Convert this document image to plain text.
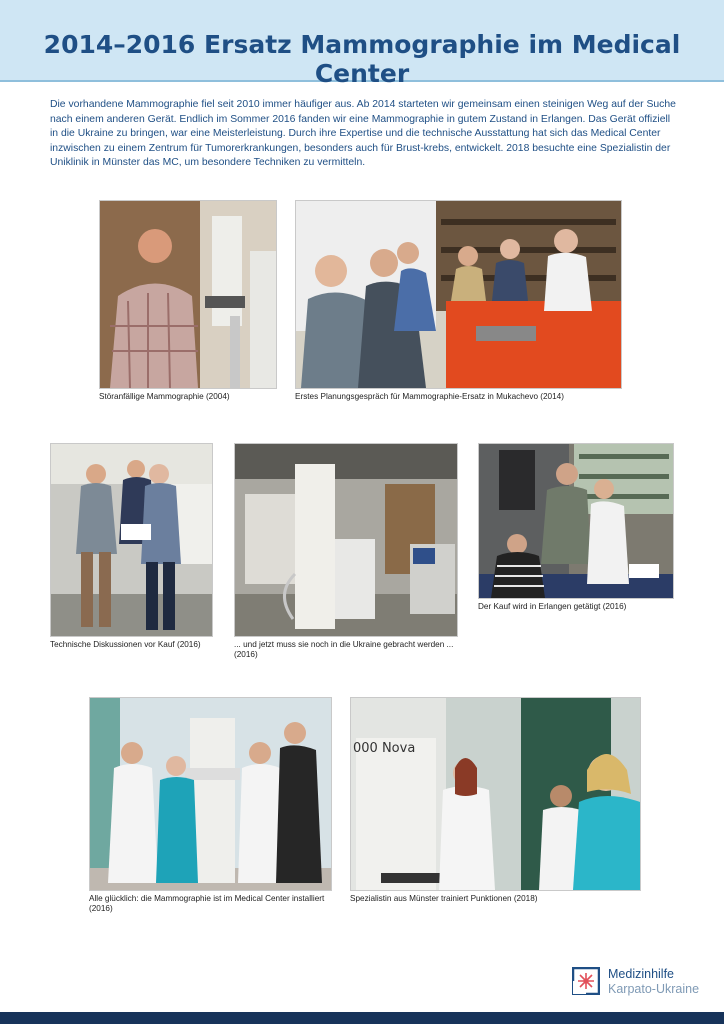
2014–2016 Ersatz Mammographie im Medical Center
Die vorhandene Mammographie fiel seit 2010 immer häufiger aus. Ab 2014 starteten wir gemeinsam einen steinigen Weg auf der Suche nach einem anderen Gerät. Endlich im Sommer 2016 fanden wir eine Mammographie in gutem Zustand in Erlangen. Das Gerät offiziell in die Ukraine zu bringen, war eine Meisterleistung. Durch ihre Expertise und die technische Ausstattung hat sich das Medical Center inzwischen zu einem Zentrum für Tumorerkrankungen, besonders auch für Brust-krebs, entwickelt. 2018 besuchte eine Spezialistin der Uniklinik in Münster das MC, um besondere Techniken zu vermitteln.
Störanfällige Mammographie (2004)	Erstes Planungsgespräch für Mammographie-Ersatz in Mukachevo (2014)
Technische Diskussionen vor Kauf (2016)	... und jetzt muss sie noch in die Ukraine gebracht werden ... (2016)
Der Kauf wird in Erlangen getätigt (2016)
Alle glücklich: die Mammographie ist im Medical Center installiert (2016)
000 Nova
Spezialistin aus Münster trainiert Punktionen (2018)
Medizinhilfe
Karpato-Ukraine
